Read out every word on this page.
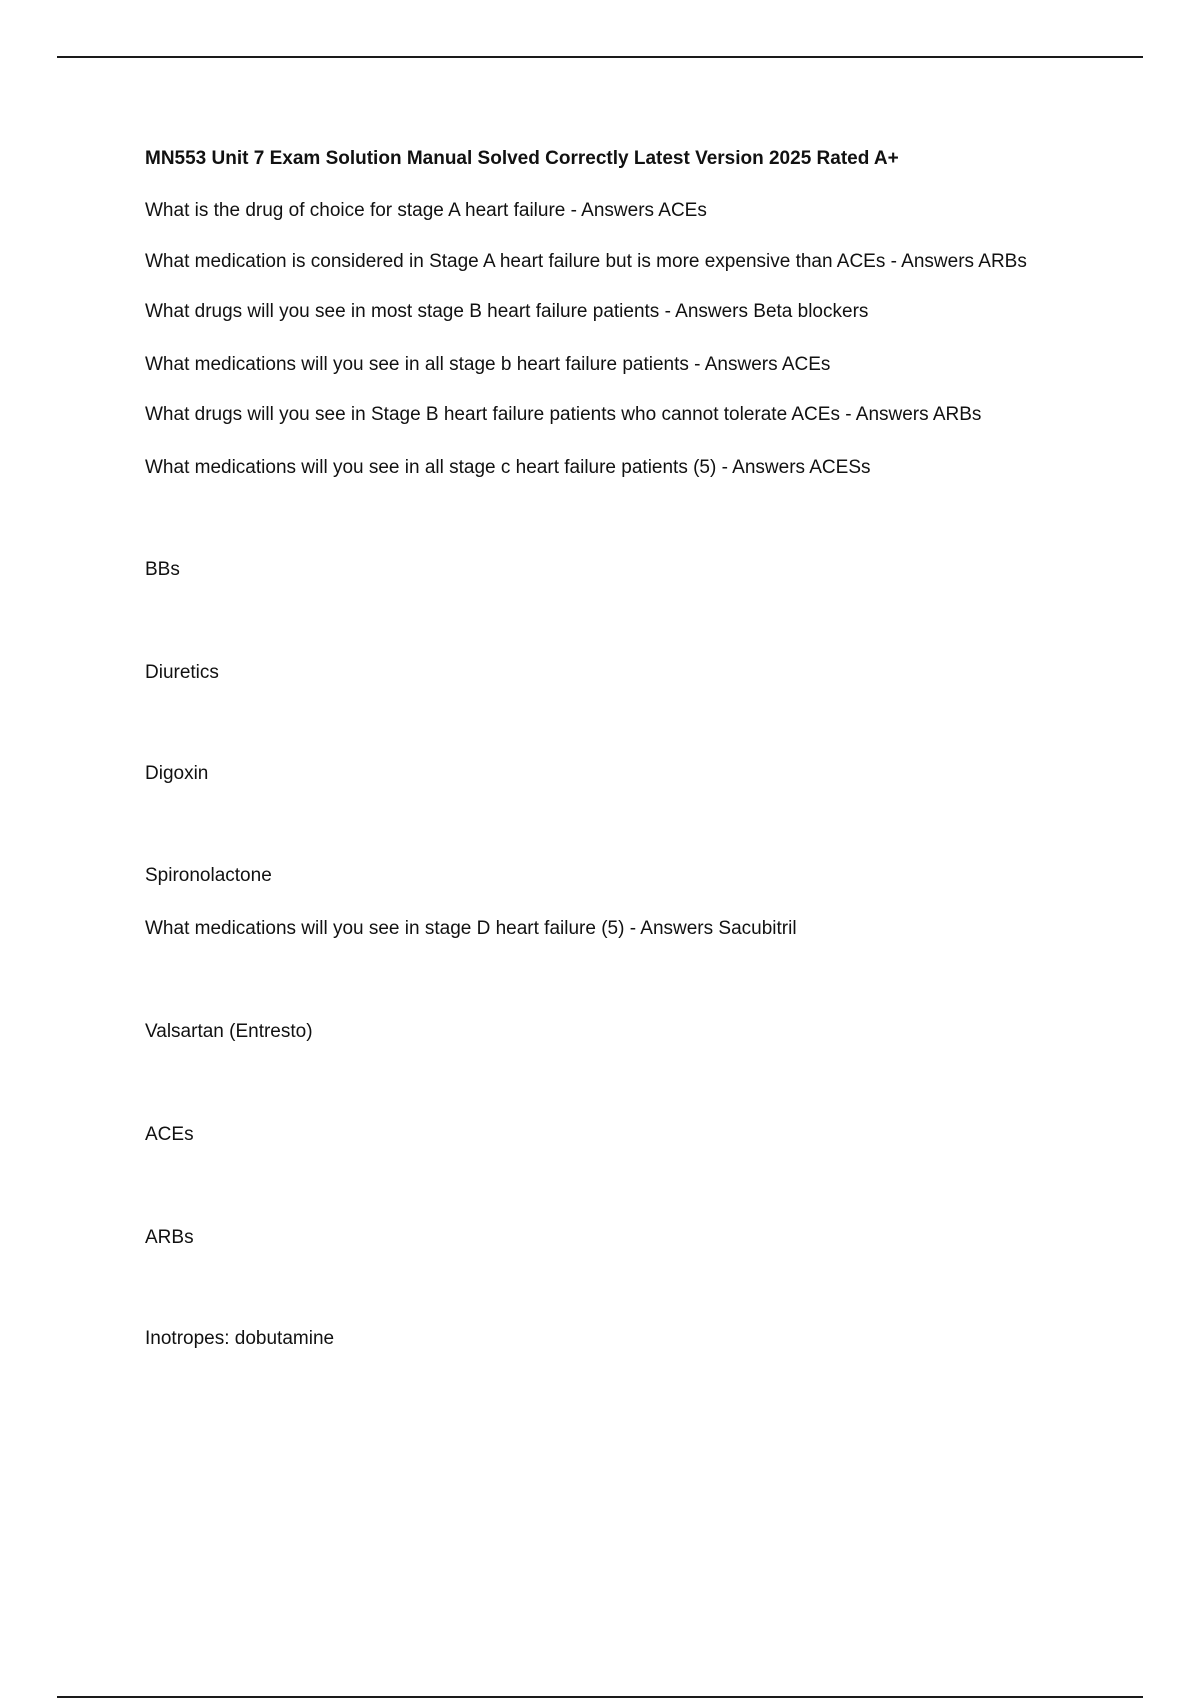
MN553 Unit 7 Exam Solution Manual Solved Correctly Latest Version 2025 Rated A+

What is the drug of choice for stage A heart failure - Answers ACEs

What medication is considered in Stage A heart failure but is more expensive than ACEs - Answers ARBs

What drugs will you see in most stage B heart failure patients - Answers Beta blockers

What medications will you see in all stage b heart failure patients - Answers ACEs

What drugs will you see in Stage B heart failure patients who cannot tolerate ACEs - Answers ARBs

What medications will you see in all stage c heart failure patients (5) - Answers ACESs

BBs

Diuretics

Digoxin

Spironolactone

What medications will you see in stage D heart failure (5) - Answers Sacubitril

Valsartan (Entresto)

ACEs

ARBs

Inotropes: dobutamine
